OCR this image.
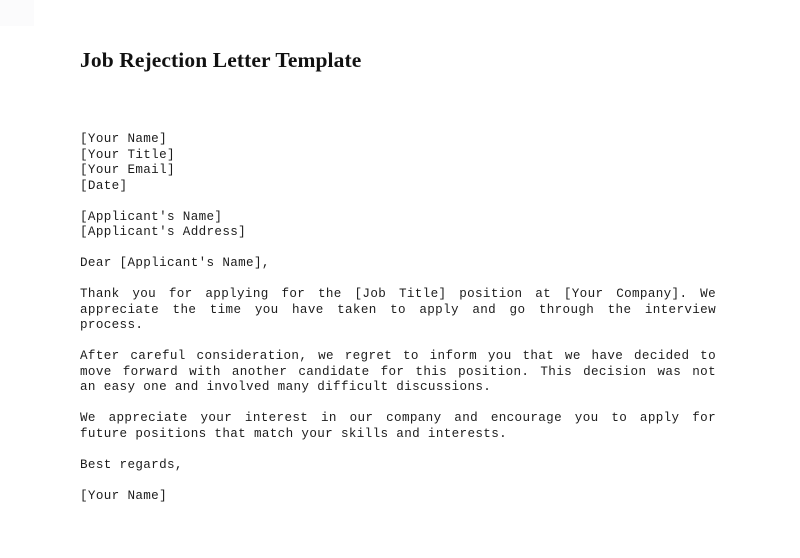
Job Rejection Letter Template
[Your Name]
[Your Title]
[Your Email]
[Date]
[Applicant's Name]
[Applicant's Address]
Dear [Applicant's Name],
Thank you for applying for the [Job Title] position at [Your Company]. We
appreciate the time you have taken to apply and go through the interview
process.
After careful consideration, we regret to inform you that we have decided to
move forward with another candidate for this position. This decision was not
an easy one and involved many difficult discussions.
We appreciate your interest in our company and encourage you to apply for
future positions that match your skills and interests.
Best regards,
[Your Name]
